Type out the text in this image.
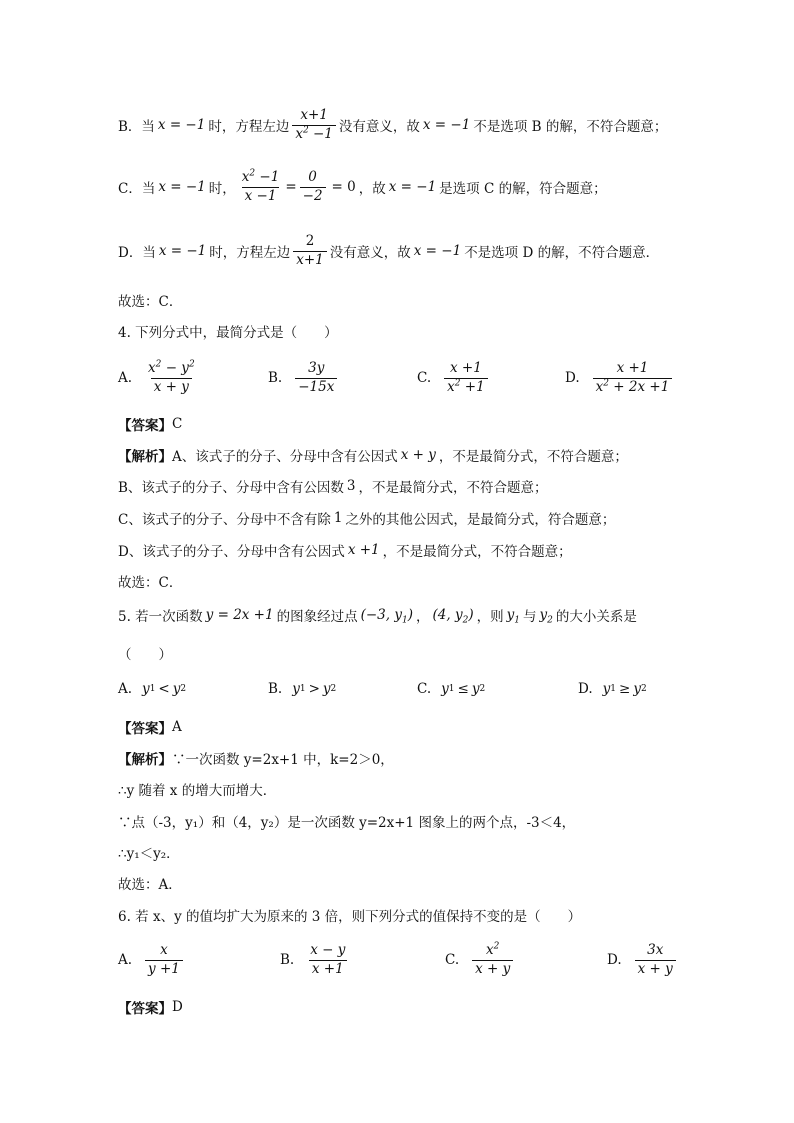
B．当 x = −1 时，方程左边 $\frac{x+1}{x^2 -1}$ 没有意义，故 x = −1 不是选项 B 的解，不符合题意；
C．当 x = −1 时， $\frac{x^2 -1}{x -1} = \frac{0}{-2} = 0$ ，故 x = −1 是选项 C 的解，符合题意；
D．当 x = −1 时，方程左边 $\frac{2}{x+1}$ 没有意义，故 x = −1 不是选项 D 的解，不符合题意．
故选：C．
4. 下列分式中，最简分式是（　　）
A. $\frac{x^2 - y^2}{x + y}$	B. $\frac{3y}{-15x}$	C. $\frac{x +1}{x^2 +1}$	D. $\frac{x +1}{x^2 + 2x +1}$
【答案】 C
【解析】 A、该式子的分子、分母中含有公因式 x + y ，不是最简分式，不符合题意；
B、该式子的分子、分母中含有公因数 3 ，不是最简分式，不符合题意；
C、该式子的分子、分母中不含有除 1 之外的其他公因式，是最简分式，符合题意；
D、该式子的分子、分母中含有公因式 x +1 ，不是最简分式，不符合题意；
故选：C．
5. 若一次函数 y = 2x +1 的图象经过点 (−3, $y_1$) ， (4, $y_2$) ，则 $y_1$ 与 $y_2$ 的大小关系是
（　　）
A. y 1 < y 2	B. y 1 > y 2	C. y 1 ≤ y 2	D. y 1 ≥ y 2
【答案】 A
【解析】 ∵一次函数 y=2x+1 中，k=2＞0，
∴y 随着 x 的增大而增大．
∵点（-3，y₁）和（4，y₂）是一次函数 y=2x+1 图象上的两个点，-3＜4，
∴y₁＜y₂．
故选：A．
6. 若 x、y 的值均扩大为原来的 3 倍，则下列分式的值保持不变的是（　　）
A. $\frac{x}{y +1}$	B. $\frac{x - y}{x +1}$	C. $\frac{x^2}{x + y}$	D. $\frac{3x}{x + y}$
【答案】 D
